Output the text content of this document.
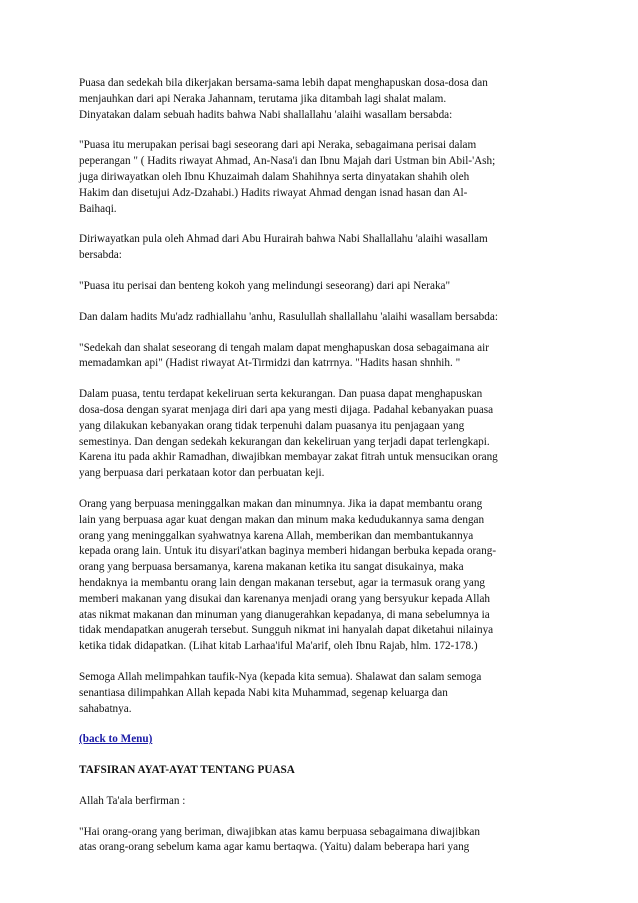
Puasa dan sedekah bila dikerjakan bersama-sama lebih dapat menghapuskan dosa-dosa dan
menjauhkan dari api Neraka Jahannam, terutama jika ditambah lagi shalat malam.
Dinyatakan dalam sebuah hadits bahwa Nabi shallallahu 'alaihi wasallam bersabda:

"Puasa itu merupakan perisai bagi seseorang dari api Neraka, sebagaimana perisai dalam
peperangan " ( Hadits riwayat Ahmad, An-Nasa'i dan Ibnu Majah dari Ustman bin Abil-'Ash;
juga diriwayatkan oleh Ibnu Khuzaimah dalam Shahihnya serta dinyatakan shahih oleh
Hakim dan disetujui Adz-Dzahabi.) Hadits riwayat Ahmad dengan isnad hasan dan Al-
Baihaqi.

Diriwayatkan pula oleh Ahmad dari Abu Hurairah bahwa Nabi Shallallahu 'alaihi wasallam
bersabda:

"Puasa itu perisai dan benteng kokoh yang melindungi seseorang) dari api Neraka"

Dan dalam hadits Mu'adz radhiallahu 'anhu, Rasulullah shallallahu 'alaihi wasallam bersabda:

"Sedekah dan shalat seseorang di tengah malam dapat menghapuskan dosa sebagaimana air
memadamkan api" (Hadist riwayat At-Tirmidzi dan katrrnya. "Hadits hasan shnhih. "

Dalam puasa, tentu terdapat kekeliruan serta kekurangan. Dan puasa dapat menghapuskan
dosa-dosa dengan syarat menjaga diri dari apa yang mesti dijaga. Padahal kebanyakan puasa
yang dilakukan kebanyakan orang tidak terpenuhi dalam puasanya itu penjagaan yang
semestinya. Dan dengan sedekah kekurangan dan kekeliruan yang terjadi dapat terlengkapi.
Karena itu pada akhir Ramadhan, diwajibkan membayar zakat fitrah untuk mensucikan orang
yang berpuasa dari perkataan kotor dan perbuatan keji.

Orang yang berpuasa meninggalkan makan dan minumnya. Jika ia dapat membantu orang
lain yang berpuasa agar kuat dengan makan dan minum maka kedudukannya sama dengan
orang yang meninggalkan syahwatnya karena Allah, memberikan dan membantukannya
kepada orang lain. Untuk itu disyari'atkan baginya memberi hidangan berbuka kepada orang-
orang yang berpuasa bersamanya, karena makanan ketika itu sangat disukainya, maka
hendaknya ia membantu orang lain dengan makanan tersebut, agar ia termasuk orang yang
memberi makanan yang disukai dan karenanya menjadi orang yang bersyukur kepada Allah
atas nikmat makanan dan minuman yang dianugerahkan kepadanya, di mana sebelumnya ia
tidak mendapatkan anugerah tersebut. Sungguh nikmat ini hanyalah dapat diketahui nilainya
ketika tidak didapatkan. (Lihat kitab Larhaa'iful Ma'arif, oleh Ibnu Rajab, hlm. 172-178.)

Semoga Allah melimpahkan taufik-Nya (kepada kita semua). Shalawat dan salam semoga
senantiasa dilimpahkan Allah kepada Nabi kita Muhammad, segenap keluarga dan
sahabatnya.

(back to Menu)

TAFSIRAN AYAT-AYAT TENTANG PUASA

Allah Ta'ala berfirman :

"Hai orang-orang yang beriman, diwajibkan atas kamu berpuasa sebagaimana diwajibkan
atas orang-orang sebelum kama agar kamu bertaqwa. (Yaitu) dalam beberapa hari yang
